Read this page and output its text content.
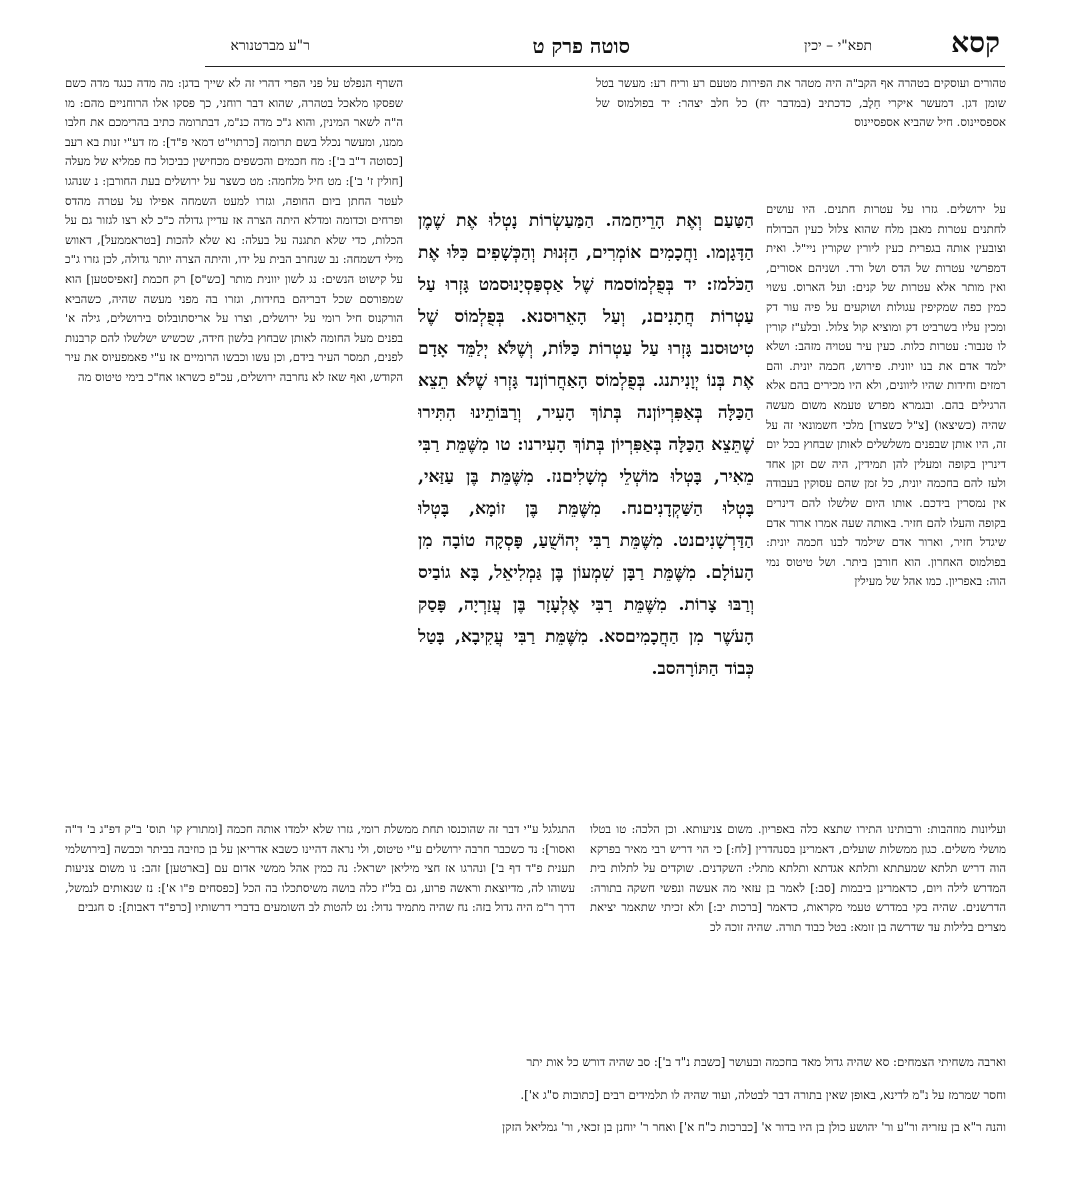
קסא
תפא"י – יכין
סוטה פרק ט
ר"ע מברטנורא

טהורים ועוסקים בטהרה אף הקב"ה היה מטהר את הפירות מטעם רע וריח רע: מעשר בטל שומן דגן. דמעשר איקרי חֵלֶב, כדכתיב (במדבר יח) כל חלב יצהר: יד בפולמוס של אספסיינוס. חיל שהביא אספסיינוס

על ירושלים. גזרו על עטרות חתנים. היו עושים לחתנים עטרות מאבן מלח שהוא צלול כעין הבדולח וצובעין אותה בגפרית כעין ליורין שקורין ניי"ל. ואית דמפרשי עטרות של הדס ושל ורד. ושניהם אסורים, ואין מותר אלא עטרות של קנים: ועל הארוס. עשוי כמין כפה שמקיפין עגולות ושוקעים על פיה עור דק ומכין עליו בשרביט דק ומוציא קול צלול. ובלע"ז קורין לו טנבור: עטרות כלות. כעין עיר עטויה מזהב: ושלא ילמד אדם את בנו יוונית. פירוש, חכמה יונית. והם רמזים וחידות שהיו ליוונים, ולא היו מכירים בהם אלא הרגילים בהם. ובגמרא מפרש טעמא משום מעשה שהיה (כשיצאו) [צ"ל כשצרו] מלכי חשמונאי זה על זה, היו אותן שבפנים משלשלים לאותן שבחוץ בכל יום דינרין בקופה ומעלין להן תמידין, היה שם זקן אחד ולעז להם בחכמה יונית, כל זמן שהם עסוקין בעבודה אין נמסרין בידכם. אותו היום שלשלו להם דינרים בקופה והעלו להם חזיר. באותה שעה אמרו ארור אדם שיגדל חזיר, וארור אדם שילמד לבנו חכמה יונית: בפולמוס האחרון. הוא חורבן ביתר. ושל טיטוס נמי הוה: באפריון. כמו אהל של מעילין

השרף הנפלט על פני הפרי דהרי זה לא שייך בדגן: מה מדה כנגד מדה כשם שפסקו מלאכל בטהרה, שהוא דבר רוחני, כך פסקו אלו הרוחניים מהם: מו ה"ה לשאר המינין, והוא ג"כ מדה כנ"מ, דבתרומה כתיב בהרימכם את חלבו ממנו, ומעשר נכלל בשם תרומה [כרתוי"ט דמאי פ"ד]: מז דע"י זנות בא רעב [כסוטה ד"ב ב']: מח חכמים והכשפים מכחישין כביכול כח פמליא של מעלה [חולין ז' ב']: מט חיל מלחמה: מט כשצר על ירושלים בעת החורבן: נ שנהגו לעטר החתן ביום החופה, וגזרו למעט השמחה אפילו על עטרה מהדס ופרחים וכדומה ומדלא היתה הצרה אז עדיין גדולה כ"כ לא רצו לגזור גם על הכלות, כדי שלא תתגנה על בעלה: נא שלא להכות [בטראממעל], דאווש מילי דשמחה: נב שנחרב הבית על ידו, והיתה הצרה יותר גדולה, לכן גזרו ג"כ על קישוט הנשים: נג לשון יוונית מותר [כש"ס] רק חכמת [זאפיסטען] הוא שמפורסם שכל דבריהם בחידות, וגזרו בה מפני מעשה שהיה, כשהביא הורקנוס חיל רומי על ירושלים, וצרו על אריסתובלוס בירושלים, גילה א' בפנים מעל החומה לאותן שבחוץ בלשון חידה, שכשיש ישלשלו להם קרבנות לפנים, תמסר העיר בידם, וכן עשו וכבשו הרומיים אז ע"י פאמפעיוס את עיר הקודש, ואף שאז לא נחרבה ירושלים, עכ"פ כשראו אח"כ בימי טיטוס מה

הַטַּעַם וְאֶת הָרֵיחַמה. הַמַּעַשְׂרוֹת נָטְלוּ אֶת שֶׁמֶן הַדָּגָןמו. וַחֲכָמִים אוֹמְרִים, הַזְּנוּת וְהַכְּשָׁפִים כִּלּוּ אֶת הַכֹּלמז: יד בְּפֻלְמוֹסמח שֶׁל אַסְפַּסְיָנוּסמט גָּזְרוּ עַל עַטְרוֹת חֲתָנִיםנ, וְעַל הָאֵרוּסנא. בְּפֻלְמוֹס שֶׁל טִיטוּסנב גָּזְרוּ עַל עַטְרוֹת כַּלּוֹת, וְשֶׁלֹּא יְלַמֵּד אָדָם אֶת בְּנוֹ יְוָנִיתנג. בְּפֻלְמוֹס הָאַחֲרוֹןנד גָּזְרוּ שֶׁלֹּא תֵצֵא הַכַּלָּה בְּאַפִּרְיוֹןנה בְּתוֹךְ הָעִיר, וְרַבּוֹתֵינוּ הִתִּירוּ שֶׁתֵּצֵא הַכַּלָּה בְּאַפִּרְיוֹן בְּתוֹךְ הָעִירנו: טו מִשֶּׁמֵּת רַבִּי מֵאִיר, בָּטְלוּ מוֹשְׁלֵי מְשָׁלִיםנז. מִשֶּׁמֵּת בֶּן עַזַּאי, בָּטְלוּ הַשַּׁקְדָנִיםנח. מִשֶּׁמֵּת בֶּן זוֹמָא, בָּטְלוּ הַדַּרְשָׁנִיםנט. מִשֶּׁמֵּת רַבִּי יְהוֹשֻׁעַ, פָּסְקָה טוֹבָה מִן הָעוֹלָם. מִשֶּׁמֵּת רַבָּן שִׁמְעוֹן בֶּן גַּמְלִיאֵל, בָּא גוֹבַיס וְרַבּוּ צָרוֹת. מִשֶּׁמֵּת רַבִּי אֶלְעָזָר בֶּן עֲזַרְיָה, פָּסַק הָעֹשֶׁר מִן הַחֲכָמִיםסא. מִשֶּׁמֵּת רַבִּי עֲקִיבָא, בָּטַל כְּבוֹד הַתּוֹרָהסב.

ועליונות מוזהבות: ורבותינו התירו שתצא כלה באפריון. משום צניעותא. וכן הלכה: טו בטלו מושלי משלים. כגון ממשלות שועלים, דאמרינן בסנהדרין [לח:] כי הוי דריש רבי מאיר בפרקא הוה דריש תלתא שמעתתא ותלתא אגדתא ותלתא מתלי: השקדנים. שוקדים על לתלות בית המדרש לילה ויום, כדאמרינן ביבמות [סב:] לאמר בן עזאי מה אעשה ונפשי חשקה בתורה: הדרשנים. שהיה בקי במדרש טעמי מקראות, כדאמר [ברכות יב:] ולא זכיתי שתאמר יציאת מצרים בלילות עד שדרשה בן זומא: בטל כבוד תורה. שהיה זוכה לכ

התגלגל ע"י דבר זה שהוכנסו תחת ממשלת רומי, גזרו שלא ילמדו אותה חכמה [ומתורץ קו' תוס' ב"ק דפ"ג ב' ד"ה ואסור]: נד כשכבר חרבה ירושלים ע"י טיטוס, ולי נראה דהיינו כשבא אדריאן על בן כוזיבה בביתר וכבשה [בירושלמי תענית פ"ד דף ב'] ונהרגו אז חצי מיליאן ישראל: נה כמין אהל ממשי אדום עם [בארטען] זהב: נו משום צניעות עשוהו לה, מדיוצאת וראשה פרוע, גם בל"ז כלה בושה משיסתכלו בה הכל [כפסחים פ"ו א']: נז שנאותים לנמשל, דרך ר"מ היה גדול בזה: נח שהיה מתמיד גדול: נט להטות לב השומעים בדברי דרשותיו [כרפ"ד דאבות]: ס חגבים

וארבה משחיתי הצמחים: סא שהיה גדול מאד בחכמה ובעושר [כשבת נ"ד ב']: סב שהיה דורש כל אות יתר

וחסר שמרמז על נ"מ לדינא, באופן שאין בתורה דבר לבטלה, ועוד שהיה לו תלמידים רבים [כתובות ס"ג א'].

והנה ר"א בן עזריה ור"ע ור' יהושע כולן בן היו בדור א' [כברכות כ"ח א'] ואחר ר' יוחנן בן זכאי, ור' גמליאל הזקן
